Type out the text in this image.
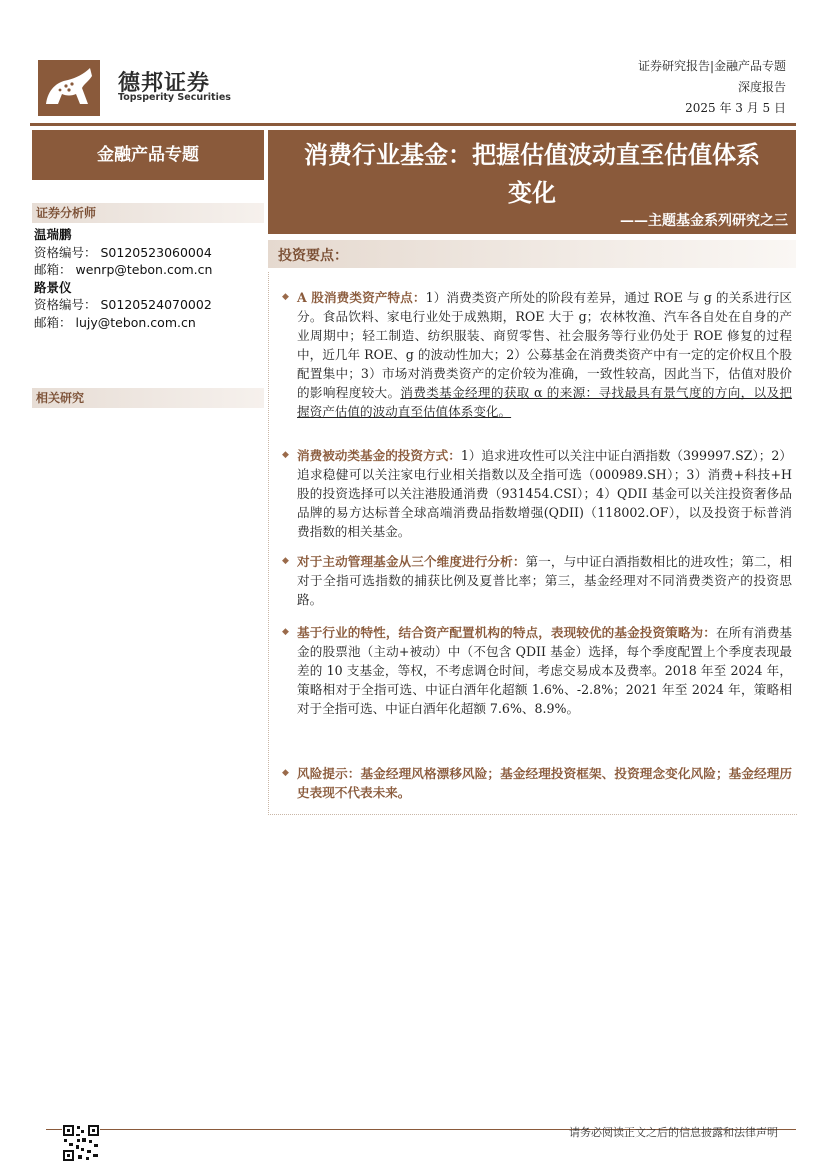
德邦证券
Topsperity Securities
证券研究报告|金融产品专题
深度报告
2025 年 3 月 5 日
金融产品专题
证券分析师
温瑞鹏
资格编号： S0120523060004
邮箱： wenrp@tebon.com.cn
路景仪
资格编号： S0120524070002
邮箱： lujy@tebon.com.cn
相关研究
消费行业基金：把握估值波动直至估值体系变化
——主题基金系列研究之三
投资要点：
◆ A 股消费类资产特点：1）消费类资产所处的阶段有差异，通过 ROE 与 g 的关系进行区分。食品饮料、家电行业处于成熟期，ROE 大于 g；农林牧渔、汽车各自处在自身的产业周期中；轻工制造、纺织服装、商贸零售、社会服务等行业仍处于 ROE 修复的过程中，近几年 ROE、g 的波动性加大；2）公募基金在消费类资产中有一定的定价权且个股配置集中；3）市场对消费类资产的定价较为准确，一致性较高，因此当下，估值对股价的影响程度较大。消费类基金经理的获取 α 的来源：寻找最具有景气度的方向，以及把握资产估值的波动直至估值体系变化。

◆ 消费被动类基金的投资方式：1）追求进攻性可以关注中证白酒指数（399997.SZ）；2）追求稳健可以关注家电行业相关指数以及全指可选（000989.SH）；3）消费+科技+H 股的投资选择可以关注港股通消费（931454.CSI）；4）QDII 基金可以关注投资奢侈品品牌的易方达标普全球高端消费品指数增强(QDII)（118002.OF），以及投资于标普消费指数的相关基金。

◆ 对于主动管理基金从三个维度进行分析：第一，与中证白酒指数相比的进攻性；第二，相对于全指可选指数的捕获比例及夏普比率；第三，基金经理对不同消费类资产的投资思路。

◆ 基于行业的特性，结合资产配置机构的特点，表现较优的基金投资策略为：在所有消费基金的股票池（主动+被动）中（不包含 QDII 基金）选择，每个季度配置上个季度表现最差的 10 支基金，等权，不考虑调仓时间，考虑交易成本及费率。2018 年至 2024 年，策略相对于全指可选、中证白酒年化超额 1.6%、-2.8%；2021 年至 2024 年，策略相对于全指可选、中证白酒年化超额 7.6%、8.9%。

◆ 风险提示：基金经理风格漂移风险；基金经理投资框架、投资理念变化风险；基金经理历史表现不代表未来。

请务必阅读正文之后的信息披露和法律声明
